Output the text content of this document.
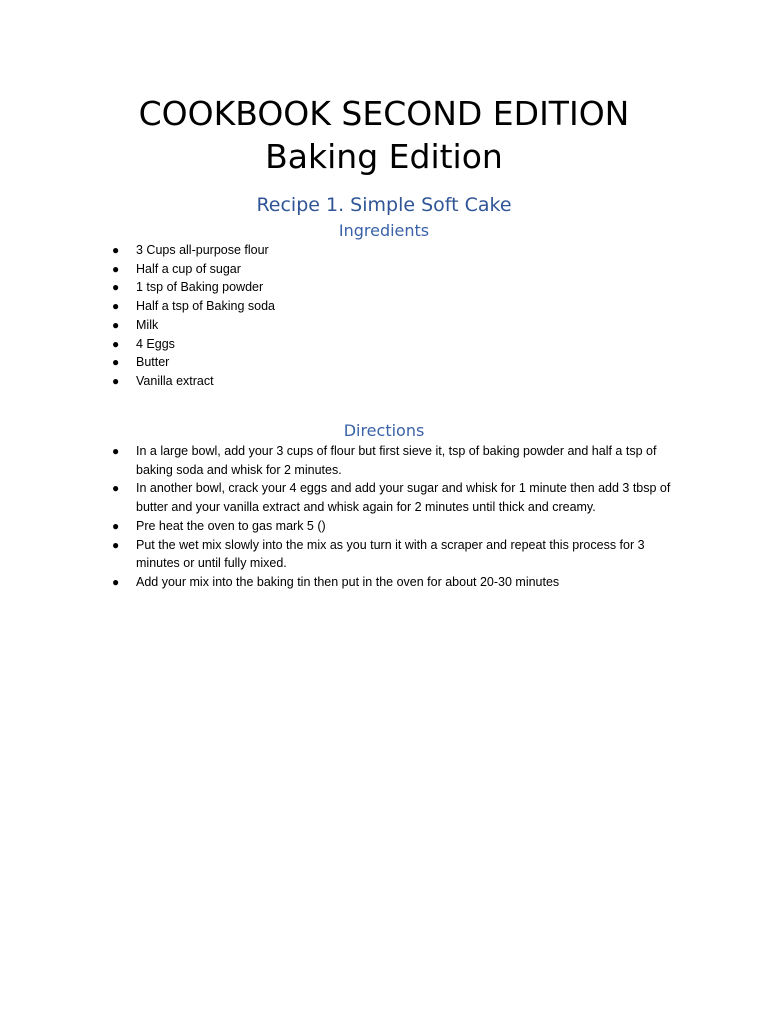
COOKBOOK SECOND EDITION
Baking Edition
Recipe 1. Simple Soft Cake
Ingredients
● 3 Cups all-purpose flour
● Half a cup of sugar
● 1 tsp of Baking powder
● Half a tsp of Baking soda
● Milk
● 4 Eggs
● Butter
● Vanilla extract
Directions
● In a large bowl, add your 3 cups of flour but first sieve it, tsp of baking powder and half a tsp of baking soda and whisk for 2 minutes.
● In another bowl, crack your 4 eggs and add your sugar and whisk for 1 minute then add 3 tbsp of butter and your vanilla extract and whisk again for 2 minutes until thick and creamy.
● Pre heat the oven to gas mark 5 ()
● Put the wet mix slowly into the mix as you turn it with a scraper and repeat this process for 3 minutes or until fully mixed.
● Add your mix into the baking tin then put in the oven for about 20-30 minutes
